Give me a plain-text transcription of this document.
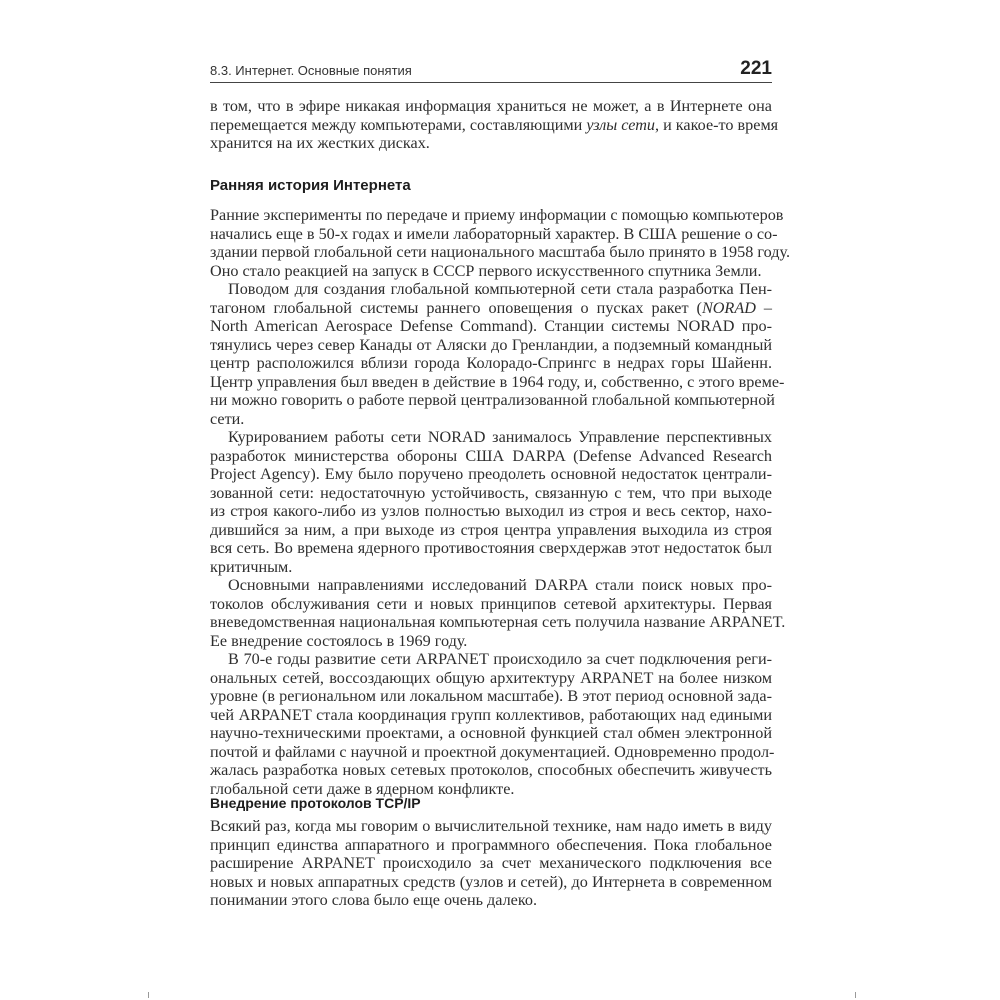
8.3. Интернет. Основные понятия	221
в том, что в эфире никакая информация храниться не может, а в Интернете она
перемещается между компьютерами, составляющими узлы сети, и какое-то время
хранится на их жестких дисках.
Ранняя история Интернета
Ранние эксперименты по передаче и приему информации с помощью компьютеров
начались еще в 50-х годах и имели лабораторный характер. В США решение о со-
здании первой глобальной сети национального масштаба было принято в 1958 году.
Оно стало реакцией на запуск в СССР первого искусственного спутника Земли.
Поводом для создания глобальной компьютерной сети стала разработка Пен-
тагоном глобальной системы раннего оповещения о пусках ракет (NORAD –
North American Aerospace Defense Command). Станции системы NORAD про-
тянулись через север Канады от Аляски до Гренландии, а подземный командный
центр расположился вблизи города Колорадо-Спрингс в недрах горы Шайенн.
Центр управления был введен в действие в 1964 году, и, собственно, с этого време-
ни можно говорить о работе первой централизованной глобальной компьютерной
сети.
Курированием работы сети NORAD занималось Управление перспективных
разработок министерства обороны США DARPA (Defense Advanced Research
Project Agency). Ему было поручено преодолеть основной недостаток централи-
зованной сети: недостаточную устойчивость, связанную с тем, что при выходе
из строя какого-либо из узлов полностью выходил из строя и весь сектор, нахо-
дившийся за ним, а при выходе из строя центра управления выходила из строя
вся сеть. Во времена ядерного противостояния сверхдержав этот недостаток был
критичным.
Основными направлениями исследований DARPA стали поиск новых про-
токолов обслуживания сети и новых принципов сетевой архитектуры. Первая
вневедомственная национальная компьютерная сеть получила название ARPANET.
Ее внедрение состоялось в 1969 году.
В 70-е годы развитие сети ARPANET происходило за счет подключения реги-
ональных сетей, воссоздающих общую архитектуру ARPANET на более низком
уровне (в региональном или локальном масштабе). В этот период основной зада-
чей ARPANET стала координация групп коллективов, работающих над едиными
научно-техническими проектами, а основной функцией стал обмен электронной
почтой и файлами с научной и проектной документацией. Одновременно продол-
жалась разработка новых сетевых протоколов, способных обеспечить живучесть
глобальной сети даже в ядерном конфликте.
Внедрение протоколов TCP/IP
Всякий раз, когда мы говорим о вычислительной технике, нам надо иметь в виду
принцип единства аппаратного и программного обеспечения. Пока глобальное
расширение ARPANET происходило за счет механического подключения все
новых и новых аппаратных средств (узлов и сетей), до Интернета в современном
понимании этого слова было еще очень далеко.
